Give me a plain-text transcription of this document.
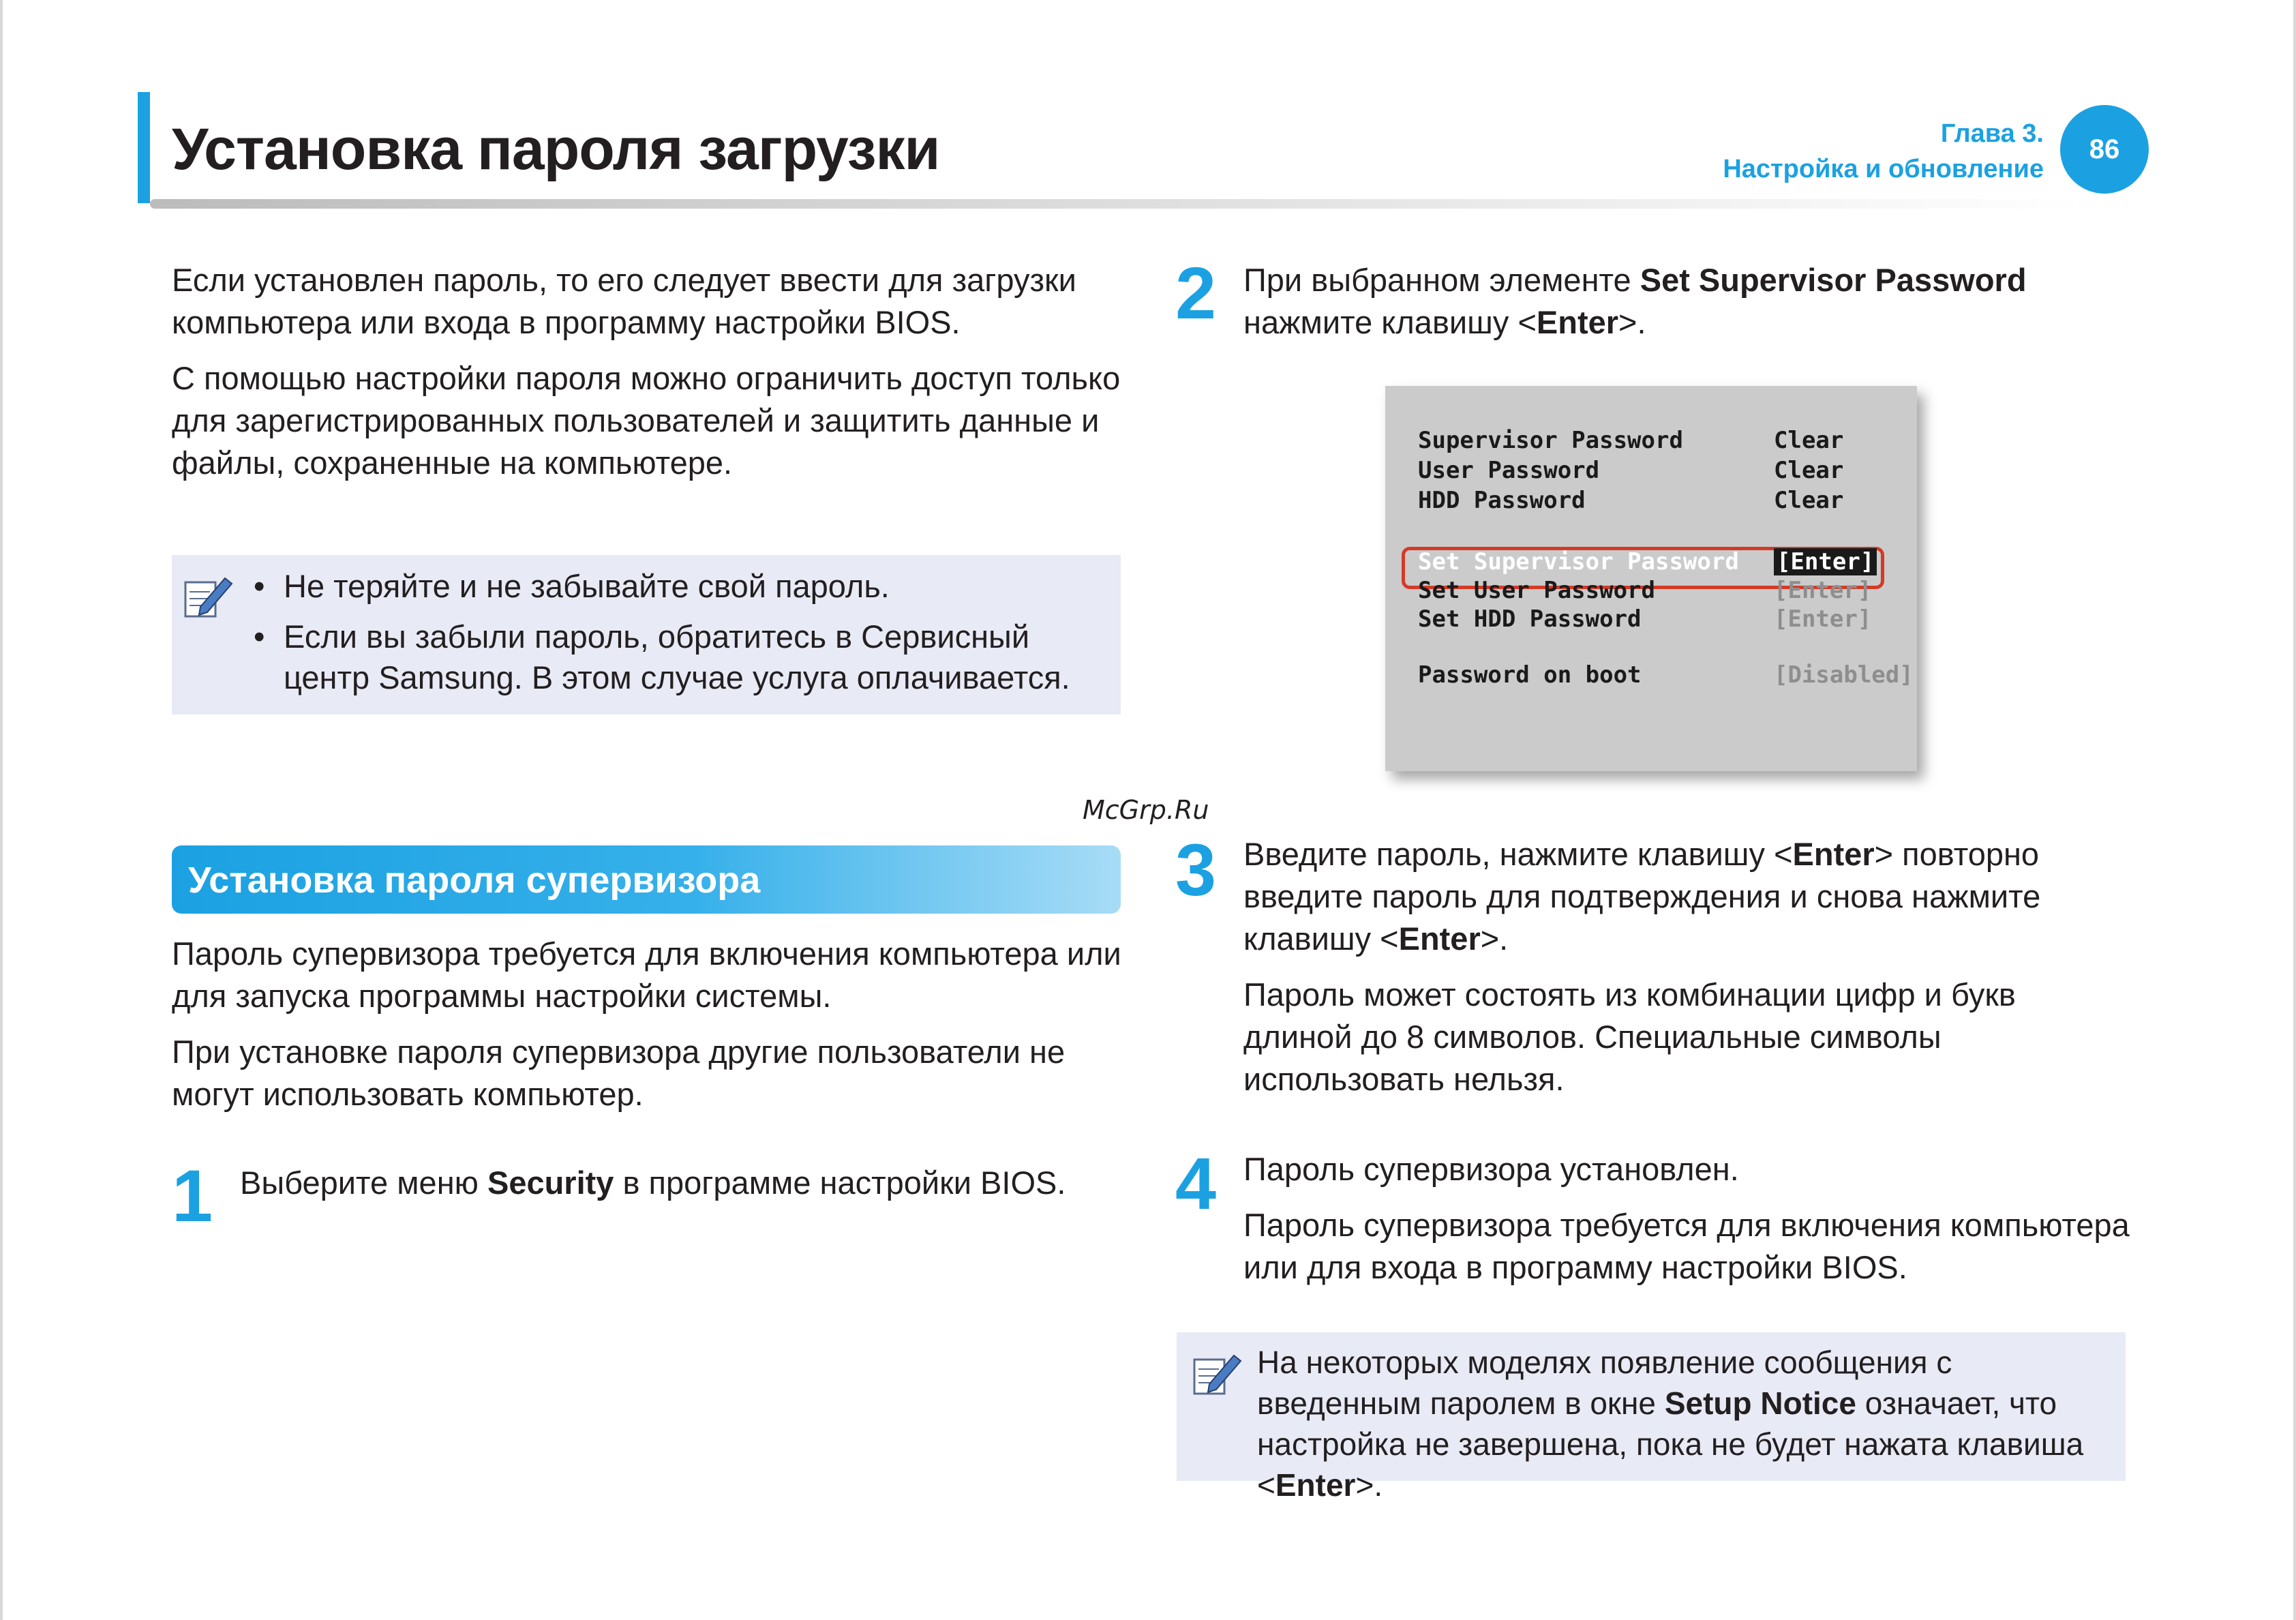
Установка пароля загрузки	Глава 3.
Настройка и обновление
86
Если установлен пароль, то его следует ввести для загрузки компьютера или входа в программу настройки BIOS.
С помощью настройки пароля можно ограничить доступ только для зарегистрированных пользователей и защитить данные и файлы, сохраненные на компьютере.
• Не теряйте и не забывайте свой пароль.
• Если вы забыли пароль, обратитесь в Сервисный центр Samsung. В этом случае услуга оплачивается.
McGrp.Ru
Установка пароля супервизора
Пароль супервизора требуется для включения компьютера или для запуска программы настройки системы.
При установке пароля супервизора другие пользователи не могут использовать компьютер.
1 Выберите меню Security в программе настройки BIOS.
2 При выбранном элементе Set Supervisor Password
нажмите клавишу <Enter>.
Supervisor Password	Clear
User Password	Clear
HDD Password	Clear
Set Supervisor Password [Enter]
Set User Password	[Enter]
Set HDD Password	[Enter]
Password on boot	[Disabled]
3 Введите пароль, нажмите клавишу <Enter> повторно введите пароль для подтверждения и снова нажмите клавишу <Enter>.
Пароль может состоять из комбинации цифр и букв длиной до 8 символов. Специальные символы использовать нельзя.
4 Пароль супервизора установлен.
Пароль супервизора требуется для включения компьютера или для входа в программу настройки BIOS.
На некоторых моделях появление сообщения с введенным паролем в окне Setup Notice означает, что настройка не завершена, пока не будет нажата клавиша <Enter>.
